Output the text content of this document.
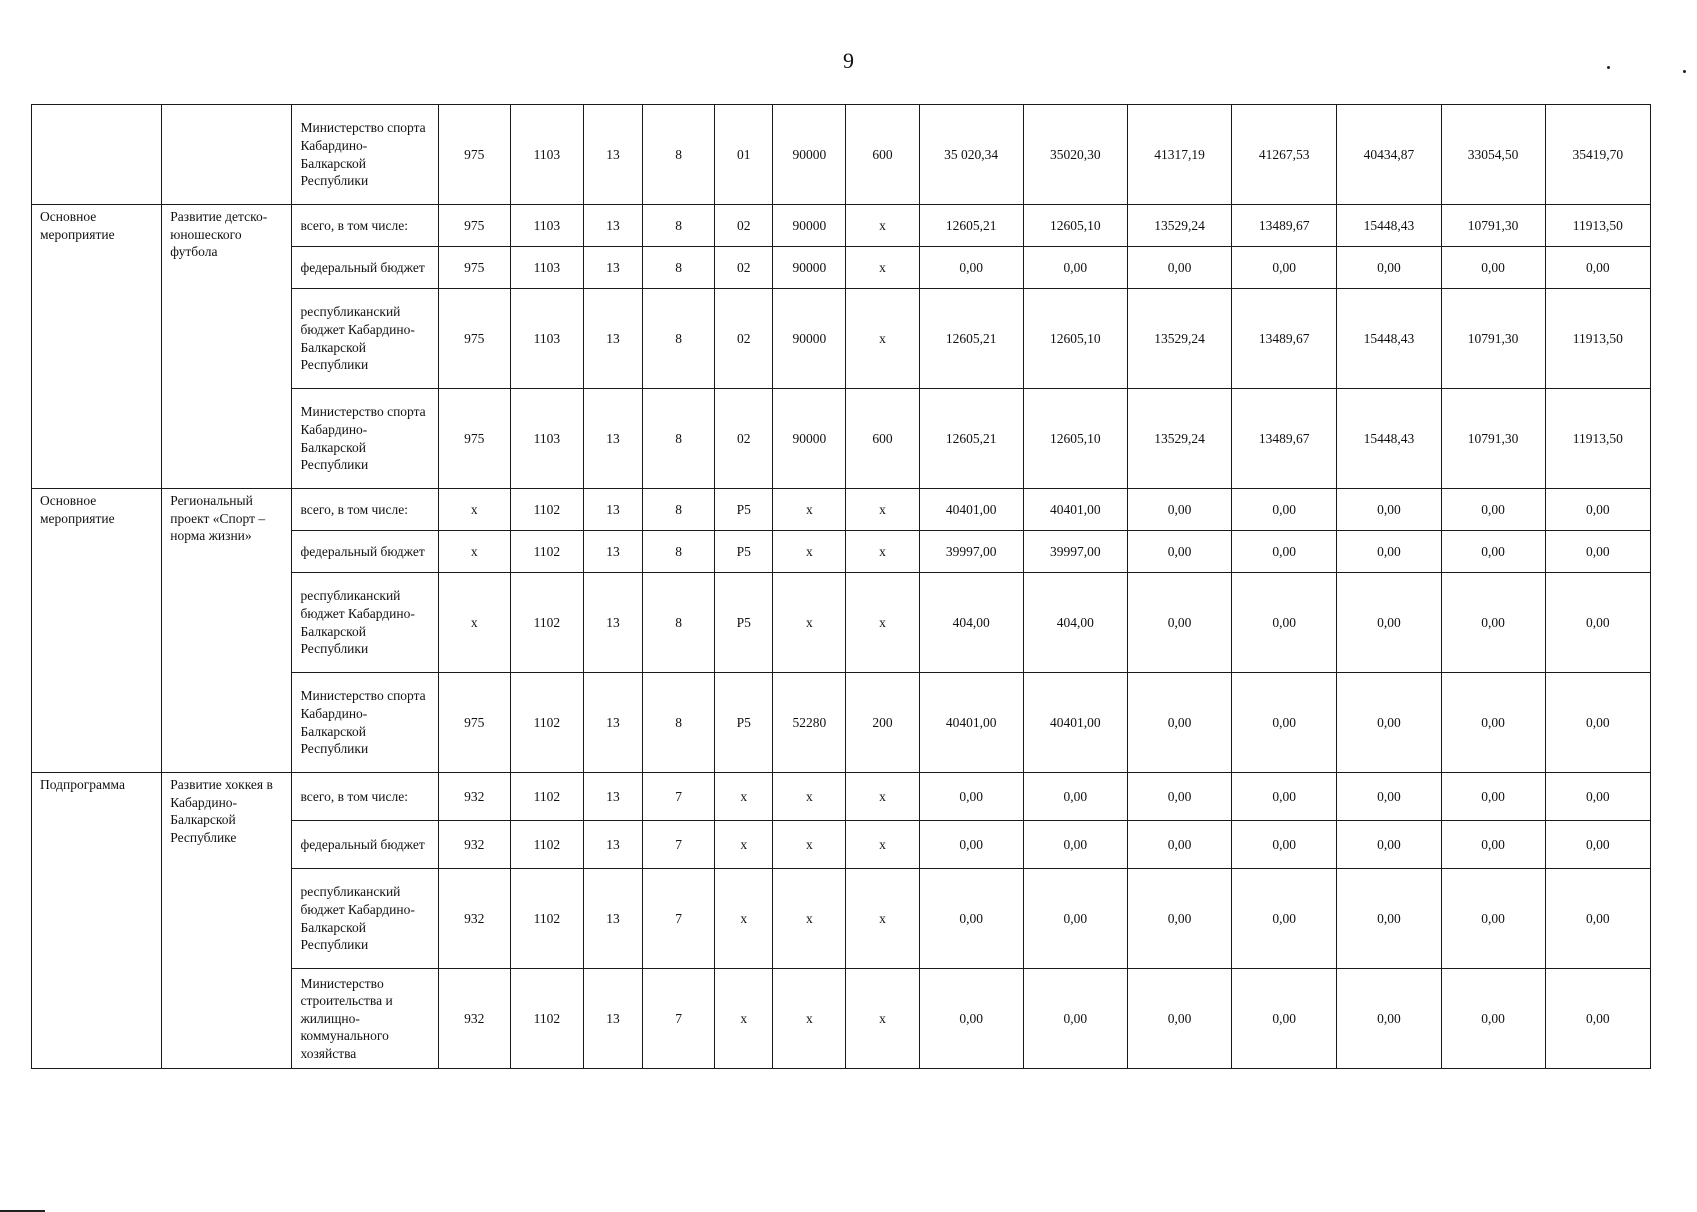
9
		Министерство спорта Кабардино-Балкарской Республики	975	1103	13	8	01	90000	600	35 020,34	35020,30	41317,19	41267,53	40434,87	33054,50	35419,70
Основное мероприятие	Развитие детско-юношеского футбола	всего, в том числе:	975	1103	13	8	02	90000	х	12605,21	12605,10	13529,24	13489,67	15448,43	10791,30	11913,50
		федеральный бюджет	975	1103	13	8	02	90000	х	0,00	0,00	0,00	0,00	0,00	0,00	0,00
		республиканский бюджет Кабардино-Балкарской Республики	975	1103	13	8	02	90000	х	12605,21	12605,10	13529,24	13489,67	15448,43	10791,30	11913,50
		Министерство спорта Кабардино-Балкарской Республики	975	1103	13	8	02	90000	600	12605,21	12605,10	13529,24	13489,67	15448,43	10791,30	11913,50
Основное мероприятие	Региональный проект «Спорт – норма жизни»	всего, в том числе:	х	1102	13	8	Р5	х	х	40401,00	40401,00	0,00	0,00	0,00	0,00	0,00
		федеральный бюджет	х	1102	13	8	Р5	х	х	39997,00	39997,00	0,00	0,00	0,00	0,00	0,00
		республиканский бюджет Кабардино-Балкарской Республики	х	1102	13	8	Р5	х	х	404,00	404,00	0,00	0,00	0,00	0,00	0,00
		Министерство спорта Кабардино-Балкарской Республики	975	1102	13	8	Р5	52280	200	40401,00	40401,00	0,00	0,00	0,00	0,00	0,00
Подпрограмма	Развитие хоккея в Кабардино-Балкарской Республике	всего, в том числе:	932	1102	13	7	х	х	х	0,00	0,00	0,00	0,00	0,00	0,00	0,00
		федеральный бюджет	932	1102	13	7	х	х	х	0,00	0,00	0,00	0,00	0,00	0,00	0,00
		республиканский бюджет Кабардино-Балкарской Республики	932	1102	13	7	х	х	х	0,00	0,00	0,00	0,00	0,00	0,00	0,00
		Министерство строительства и жилищно-коммунального хозяйства	932	1102	13	7	х	х	х	0,00	0,00	0,00	0,00	0,00	0,00	0,00
